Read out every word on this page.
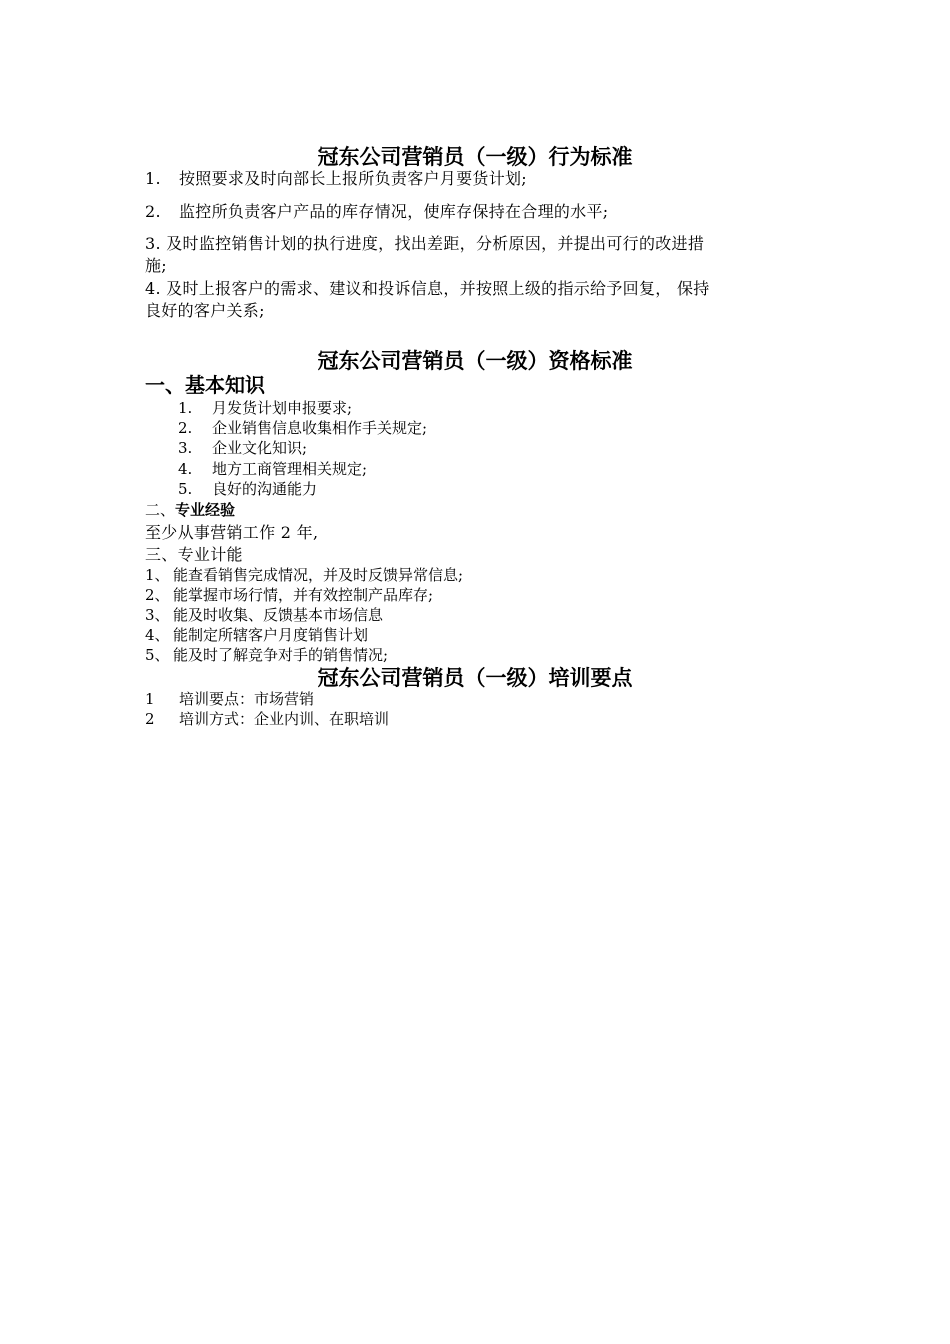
冠东公司营销员（一级）行为标准
1. 按照要求及时向部长上报所负责客户月要货计划;
2. 监控所负责客户产品的库存情况，使库存保持在合理的水平;
3. 及时监控销售计划的执行进度，找出差距，分析原因，并提出可行的改进措
施;
4. 及时上报客户的需求、建议和投诉信息，并按照上级的指示给予回复， 保持
良好的客户关系;
冠东公司营销员（一级）资格标准
一、基本知识
1. 月发货计划申报要求;
2. 企业销售信息收集相作手关规定;
3. 企业文化知识;
4. 地方工商管理相关规定;
5. 良好的沟通能力
二、专业经验
至少从事营销工作 2 年,
三、专业计能
1、 能查看销售完成情况，并及时反馈异常信息;
2、 能掌握市场行情，并有效控制产品库存;
3、 能及时收集、反馈基本市场信息
4、 能制定所辖客户月度销售计划
5、 能及时了解竞争对手的销售情况;
冠东公司营销员（一级）培训要点
1 培训要点：市场营销
2 培训方式：企业内训、在职培训
